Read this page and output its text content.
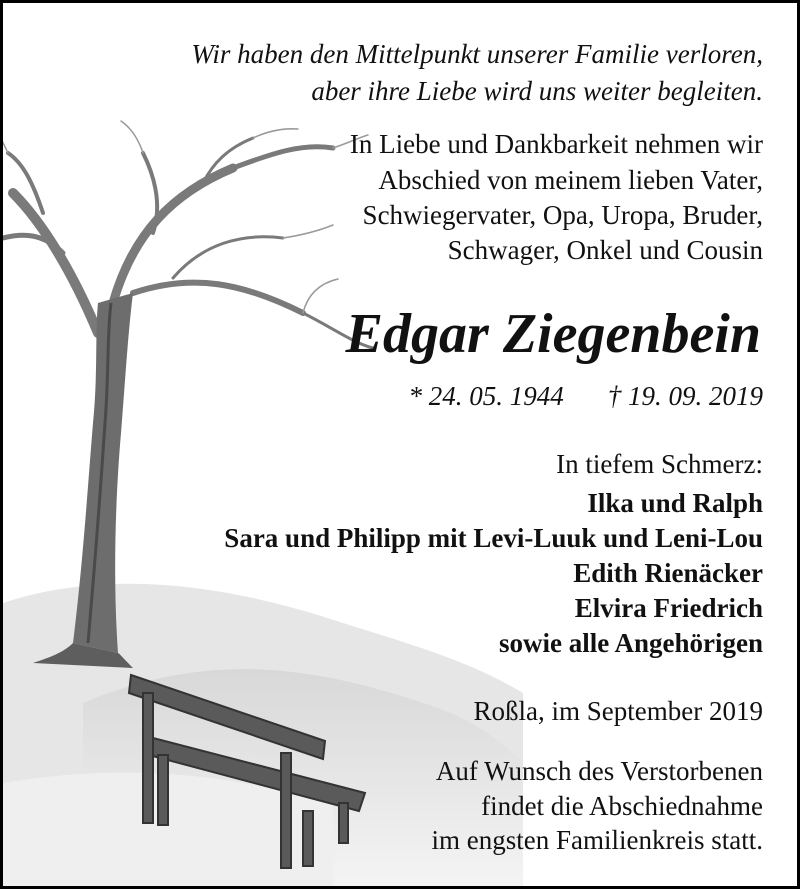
Wir haben den Mittelpunkt unserer Familie verloren,
aber ihre Liebe wird uns weiter begleiten.
In Liebe und Dankbarkeit nehmen wir
Abschied von meinem lieben Vater,
Schwiegervater, Opa, Uropa, Bruder,
Schwager, Onkel und Cousin
Edgar Ziegenbein
* 24. 05. 1944 † 19. 09. 2019
In tiefem Schmerz:
Ilka und Ralph
Sara und Philipp mit Levi-Luuk und Leni-Lou
Edith Rienäcker
Elvira Friedrich
sowie alle Angehörigen
Roßla, im September 2019
Auf Wunsch des Verstorbenen
findet die Abschiednahme
im engsten Familienkreis statt.
